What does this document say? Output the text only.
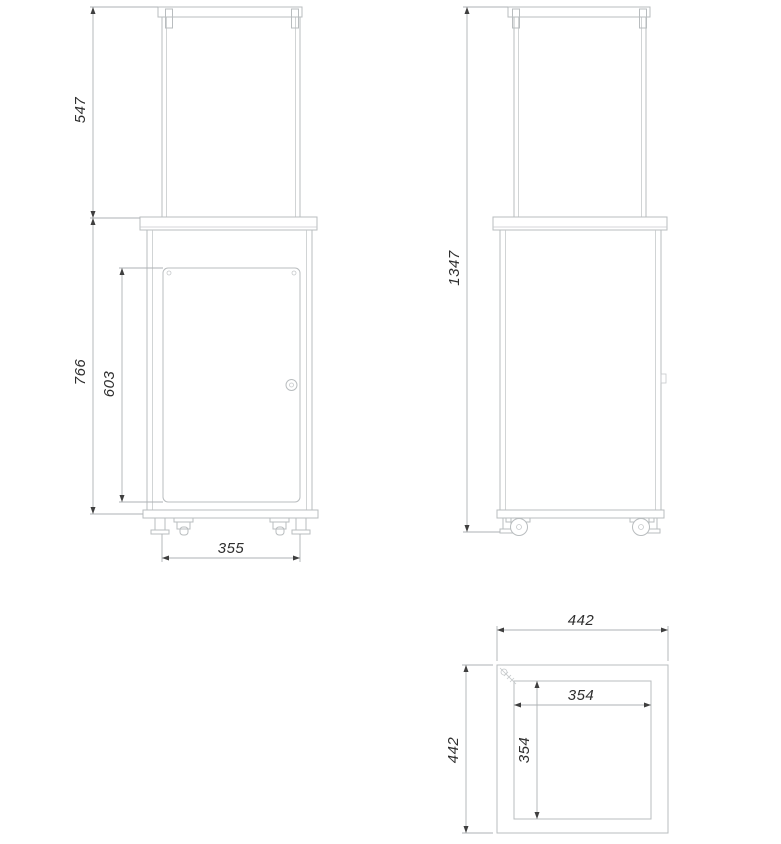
547
766 603
355
1347
442
442
354
354
